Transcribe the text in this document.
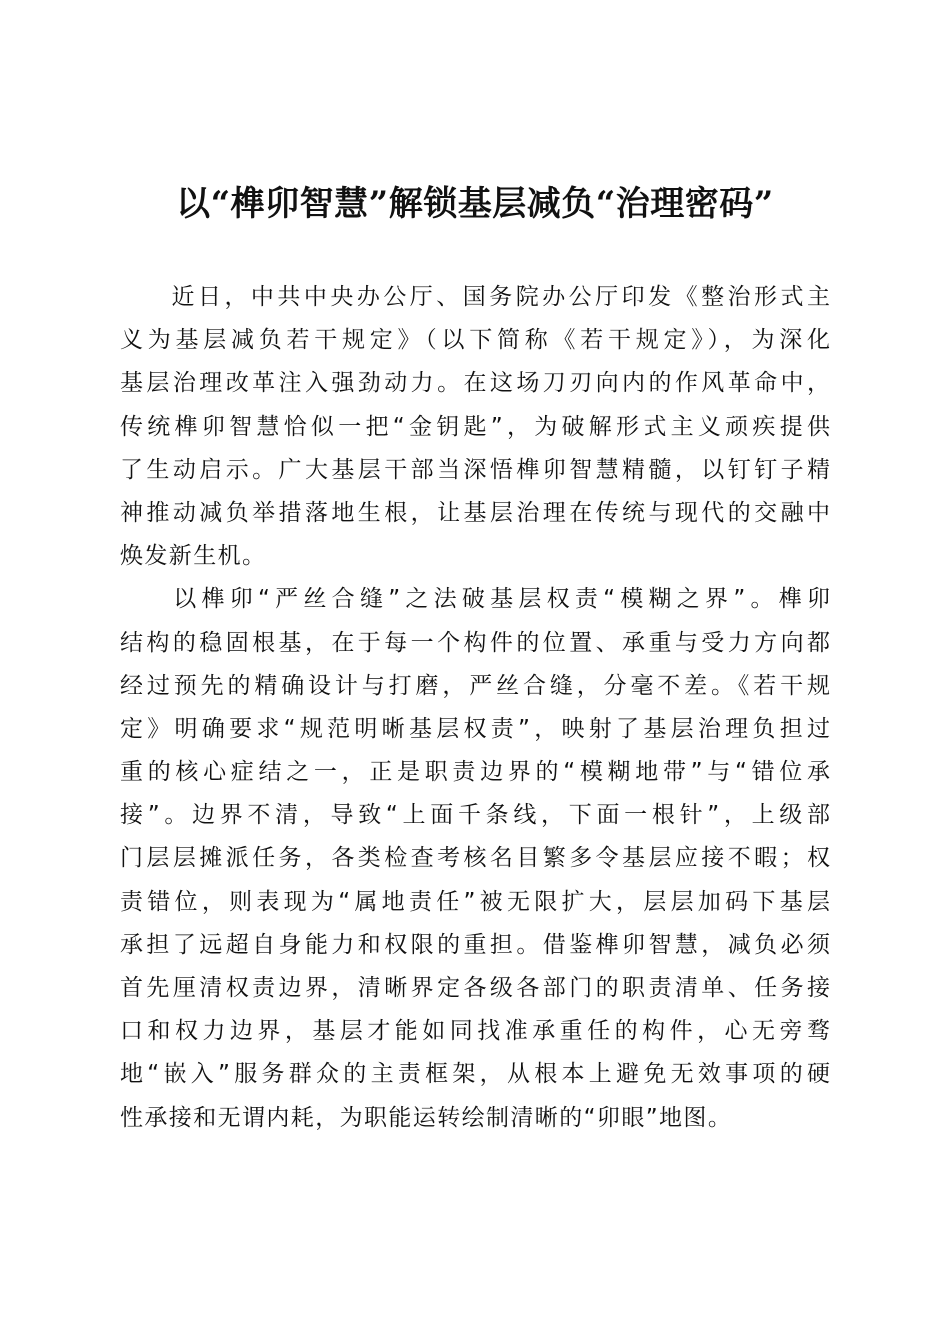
以“榫卯智慧”解锁基层减负“治理密码”
近日，中共中央办公厅、国务院办公厅印发《整治形式主
义为基层减负若干规定》（以下简称《若干规定》），为深化
基层治理改革注入强劲动力。在这场刀刃向内的作风革命中，
传统榫卯智慧恰似一把“金钥匙”，为破解形式主义顽疾提供
了生动启示。广大基层干部当深悟榫卯智慧精髓，以钉钉子精
神推动减负举措落地生根，让基层治理在传统与现代的交融中
焕发新生机。
以榫卯“严丝合缝”之法破基层权责“模糊之界”。榫卯
结构的稳固根基，在于每一个构件的位置、承重与受力方向都
经过预先的精确设计与打磨，严丝合缝，分毫不差。《若干规
定》明确要求“规范明晰基层权责”，映射了基层治理负担过
重的核心症结之一，正是职责边界的“模糊地带”与“错位承
接”。边界不清，导致“上面千条线，下面一根针”，上级部
门层层摊派任务，各类检查考核名目繁多令基层应接不暇；权
责错位，则表现为“属地责任”被无限扩大，层层加码下基层
承担了远超自身能力和权限的重担。借鉴榫卯智慧，减负必须
首先厘清权责边界，清晰界定各级各部门的职责清单、任务接
口和权力边界，基层才能如同找准承重任的构件，心无旁骛
地“嵌入”服务群众的主责框架，从根本上避免无效事项的硬
性承接和无谓内耗，为职能运转绘制清晰的“卯眼”地图。
